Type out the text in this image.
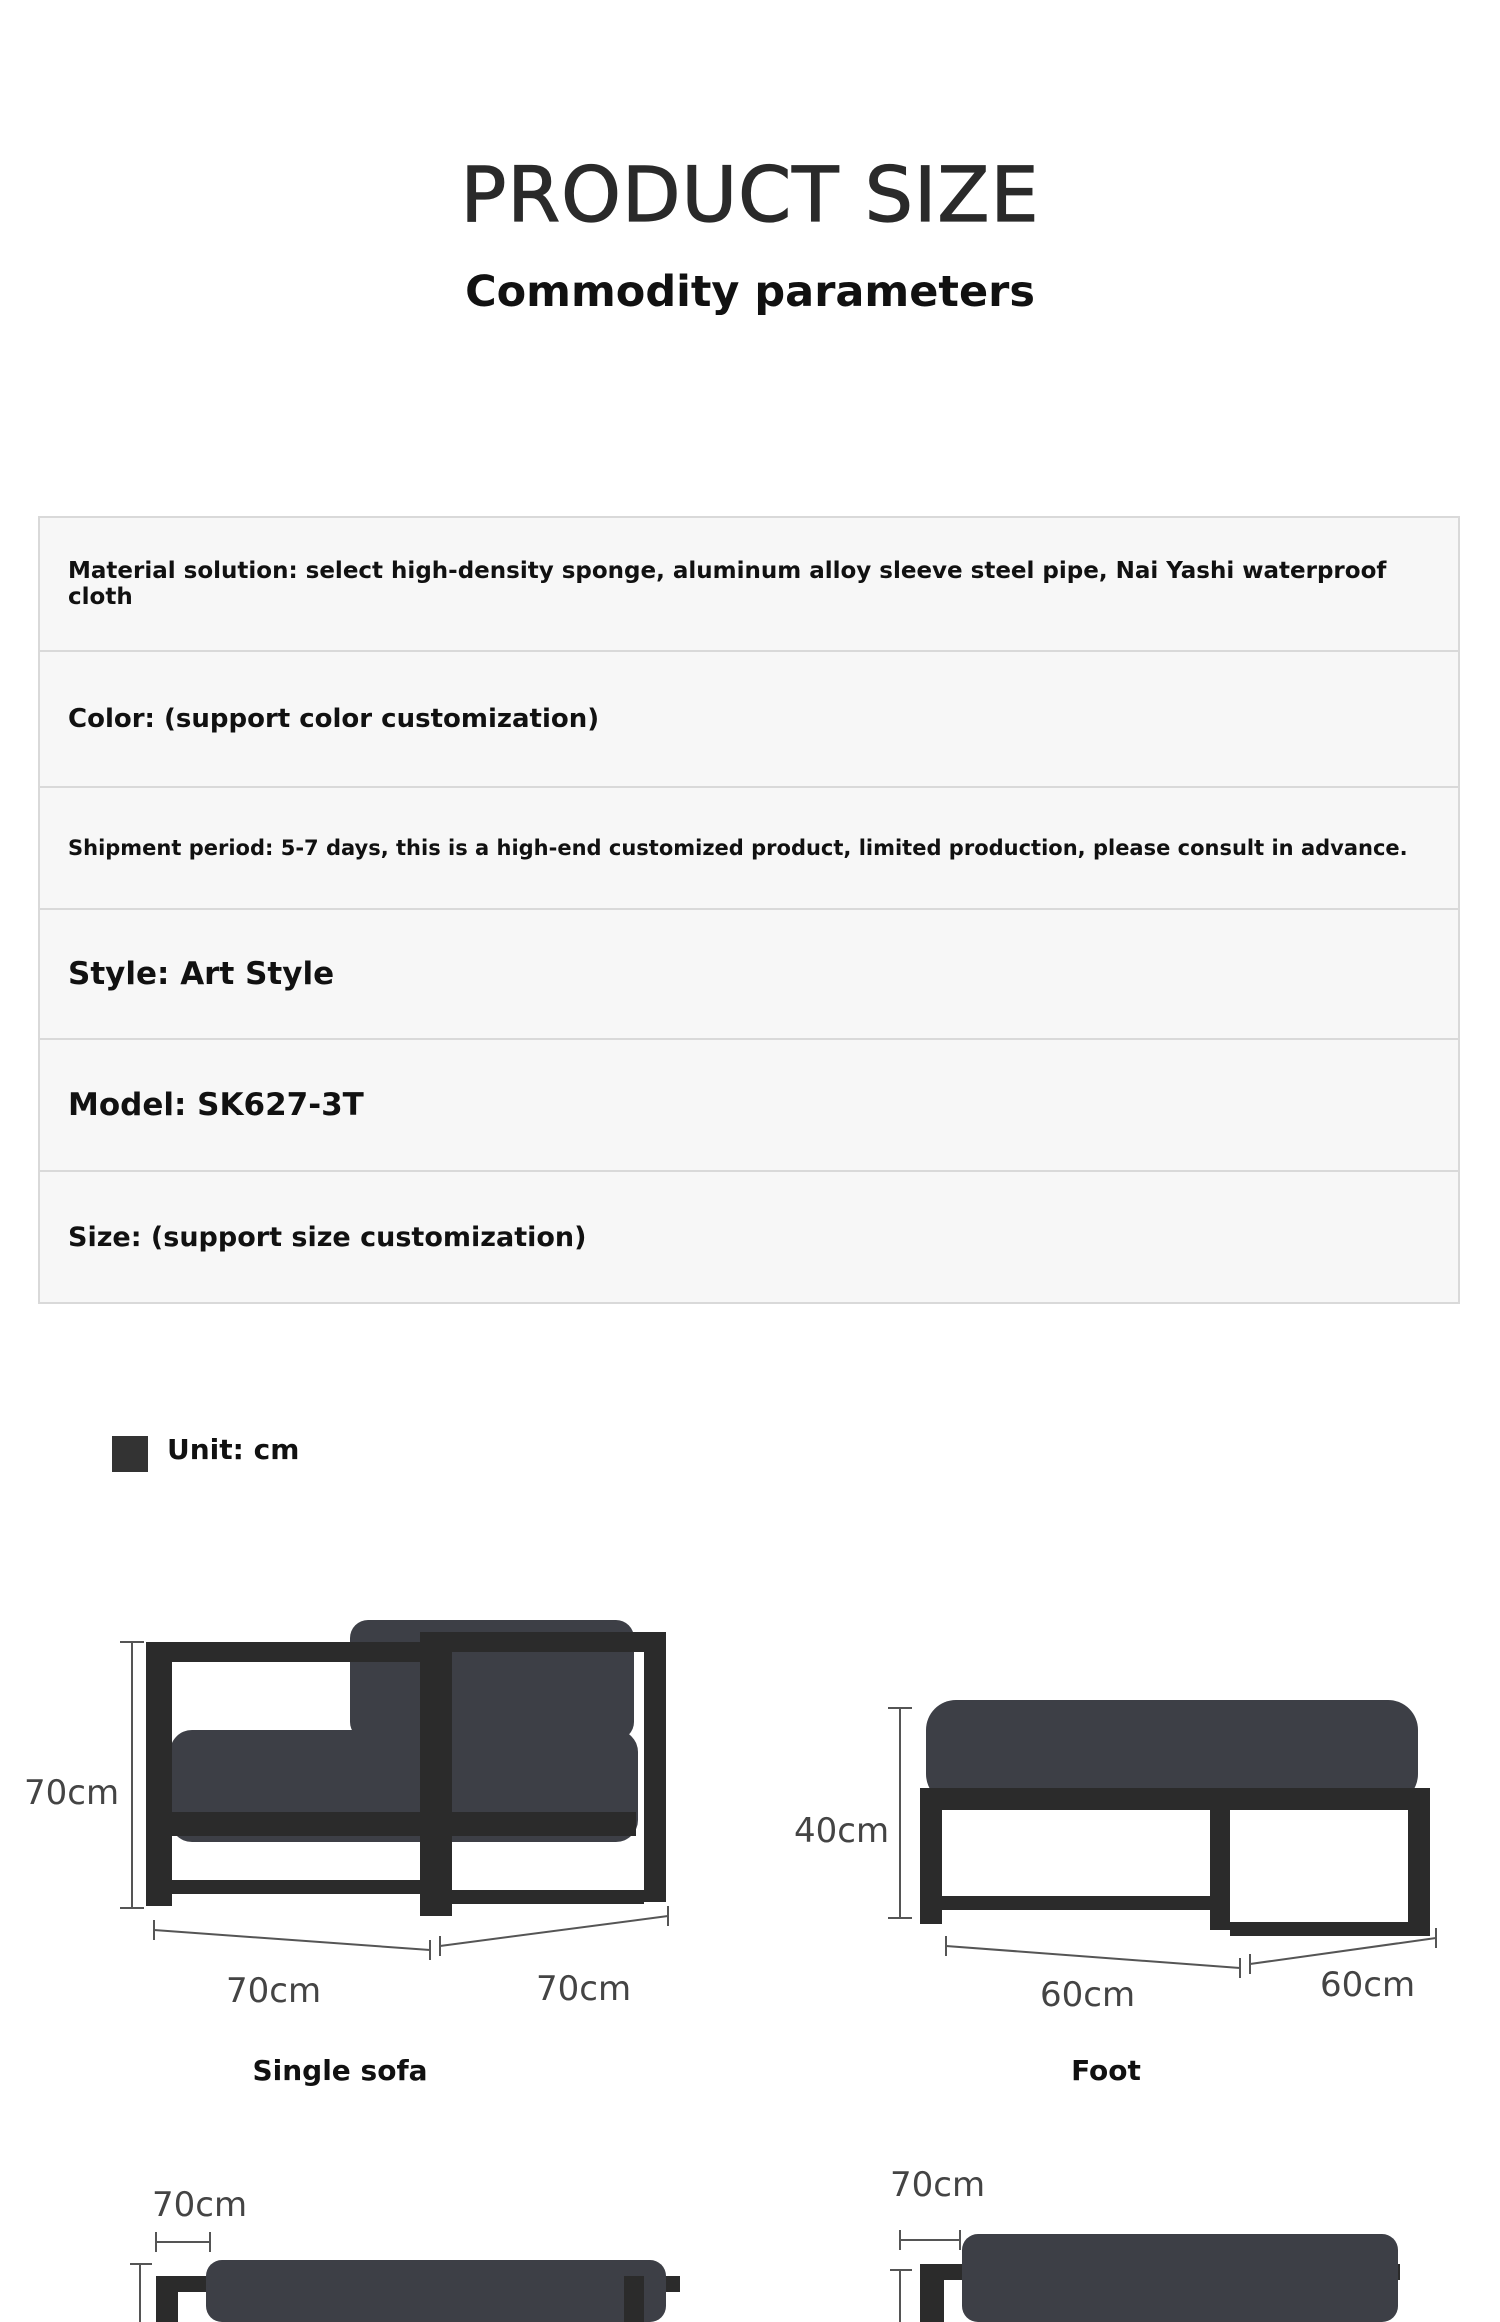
PRODUCT SIZE
Commodity parameters
Material solution: select high-density sponge, aluminum alloy sleeve steel pipe, Nai Yashi waterproof cloth
Color: (support color customization)
Shipment period: 5-7 days, this is a high-end customized product, limited production, please consult in advance.
Style: Art Style
Model: SK627-3T
Size: (support size customization)
Unit: cm
70cm
70cm	70cm
Single sofa
40cm
60cm	60cm
Foot
70cm	70cm
